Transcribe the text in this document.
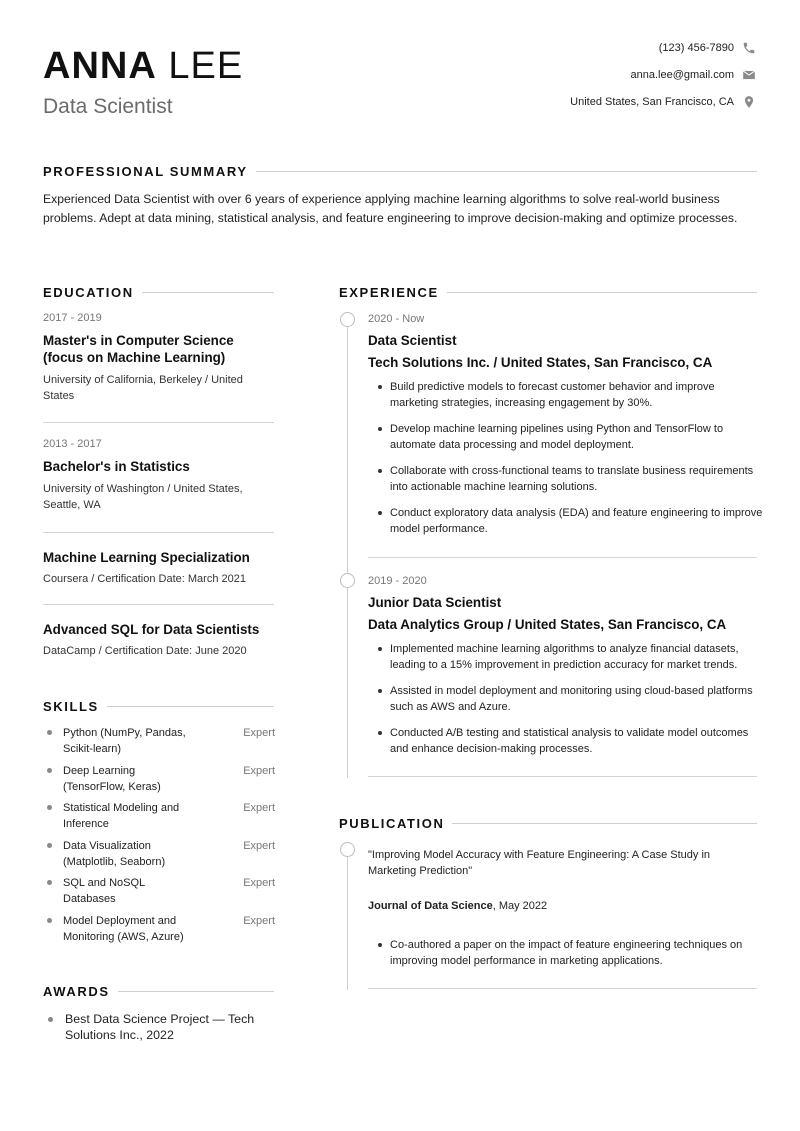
ANNA LEE
Data Scientist
(123) 456-7890
anna.lee@gmail.com
United States, San Francisco, CA
PROFESSIONAL SUMMARY
Experienced Data Scientist with over 6 years of experience applying machine learning algorithms to solve real-world business problems. Adept at data mining, statistical analysis, and feature engineering to improve decision-making and optimize processes.
EDUCATION
2017 - 2019
Master's in Computer Science
(focus on Machine Learning)
University of California, Berkeley / United
States
2013 - 2017
Bachelor's in Statistics
University of Washington / United States,
Seattle, WA
Machine Learning Specialization
Coursera / Certification Date: March 2021
Advanced SQL for Data Scientists
DataCamp / Certification Date: June 2020
SKILLS
Python (NumPy, Pandas,
Scikit-learn)
Expert
Deep Learning
(TensorFlow, Keras)
Expert
Statistical Modeling and
Inference
Expert
Data Visualization
(Matplotlib, Seaborn)
Expert
SQL and NoSQL
Databases
Expert
Model Deployment and
Monitoring (AWS, Azure)
Expert
AWARDS
Best Data Science Project — Tech
Solutions Inc., 2022
EXPERIENCE
2020 - Now
Data Scientist
Tech Solutions Inc. / United States, San Francisco, CA
Build predictive models to forecast customer behavior and improve
marketing strategies, increasing engagement by 30%.
Develop machine learning pipelines using Python and TensorFlow to
automate data processing and model deployment.
Collaborate with cross-functional teams to translate business requirements
into actionable machine learning solutions.
Conduct exploratory data analysis (EDA) and feature engineering to improve
model performance.
2019 - 2020
Junior Data Scientist
Data Analytics Group / United States, San Francisco, CA
Implemented machine learning algorithms to analyze financial datasets,
leading to a 15% improvement in prediction accuracy for market trends.
Assisted in model deployment and monitoring using cloud-based platforms
such as AWS and Azure.
Conducted A/B testing and statistical analysis to validate model outcomes
and enhance decision-making processes.
PUBLICATION
"Improving Model Accuracy with Feature Engineering: A Case Study in
Marketing Prediction"
Journal of Data Science, May 2022
Co-authored a paper on the impact of feature engineering techniques on
improving model performance in marketing applications.
